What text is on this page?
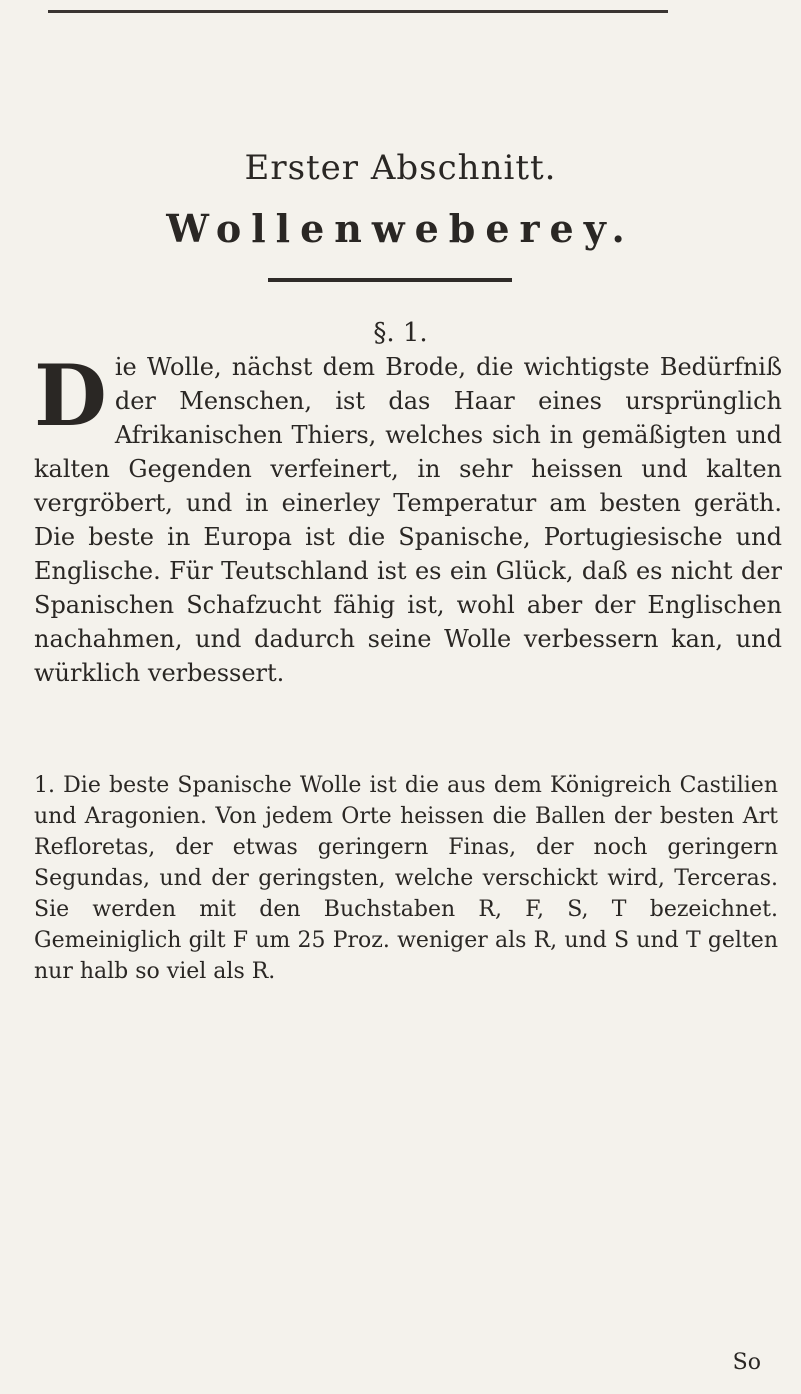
Erster Abschnitt.
Wollenweberey.
§. 1.
D ie Wolle, nächst dem Brode, die wichtigste Bedürfniß der Menschen, ist das Haar eines ursprünglich Afrikanischen Thiers, welches sich in gemäßigten und kalten Gegenden verfeinert, in sehr heissen und kalten vergröbert, und in einerley Temperatur am besten geräth. Die beste in Europa ist die Spanische, Portugiesische und Englische. Für Teutschland ist es ein Glück, daß es nicht der Spanischen Schafzucht fähig ist, wohl aber der Englischen nachahmen, und dadurch seine Wolle verbessern kan, und würklich verbessert.

1. Die beste Spanische Wolle ist die aus dem Königreich Castilien und Aragonien. Von jedem Orte heissen die Ballen der besten Art Refloretas, der etwas geringern Finas, der noch geringern Segundas, und der geringsten, welche verschickt wird, Terceras. Sie werden mit den Buchstaben R, F, S, T bezeichnet. Gemeiniglich gilt F um 25 Proz. weniger als R, und S und T gelten nur halb so viel als R.

So
